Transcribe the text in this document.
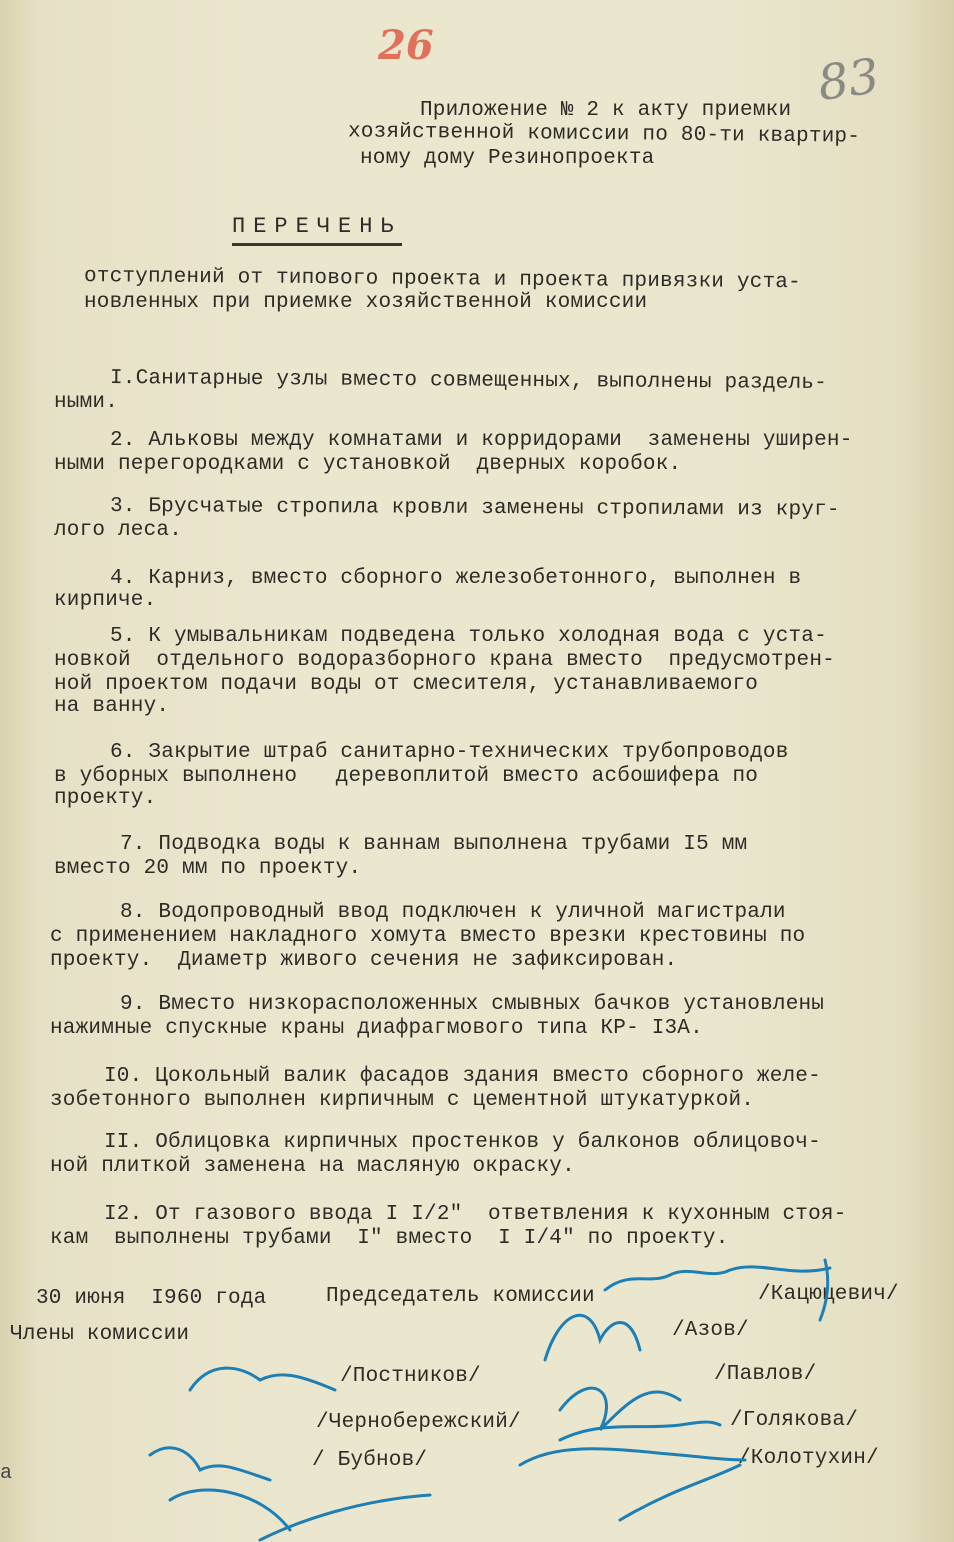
26
83
Приложение № 2 к акту приемки
хозяйственной комиссии по 80-ти квартир-
ному дому Резинопроекта
ПЕРЕЧЕНЬ
отступлений от типового проекта и проекта привязки уста-
новленных при приемке хозяйственной комиссии
I.Санитарные узлы вместо совмещенных, выполнены раздель-
ными.
2. Альковы между комнатами и корридорами  заменены уширен-
ными перегородками с установкой  дверных коробок.
3. Брусчатые стропила кровли заменены стропилами из круг-
лого леса.
4. Карниз, вместо сборного железобетонного, выполнен в
кирпиче.
5. К умывальникам подведена только холодная вода с уста-
новкой  отдельного водоразборного крана вместо  предусмотрен-
ной проектом подачи воды от смесителя, устанавливаемого
на ванну.
6. Закрытие штраб санитарно-технических трубопроводов
в уборных выполнено   деревоплитой вместо асбошифера по
проекту.
7. Подводка воды к ваннам выполнена трубами I5 мм
вместо 20 мм по проекту.
8. Водопроводный ввод подключен к уличной магистрали
с применением накладного хомута вместо врезки крестовины по
проекту.  Диаметр живого сечения не зафиксирован.
9. Вместо низкорасположенных смывных бачков установлены
нажимные спускные краны диафрагмового типа КР- I3А.
I0. Цокольный валик фасадов здания вместо сборного желе-
зобетонного выполнен кирпичным с цементной штукатуркой.
II. Облицовка кирпичных простенков у балконов облицовоч-
ной плиткой заменена на масляную окраску.
I2. От газового ввода I I/2"  ответвления к кухонным стоя-
кам  выполнены трубами  I" вместо  I I/4" по проекту.
30 июня  I960 года	Председатель комиссии	/Кацюцевич/
Члены комиссии	/Азов/
/Постников/	/Павлов/
/Чернобережский/	/Голякова/
/ Бубнов/	/Колотухин/
a
